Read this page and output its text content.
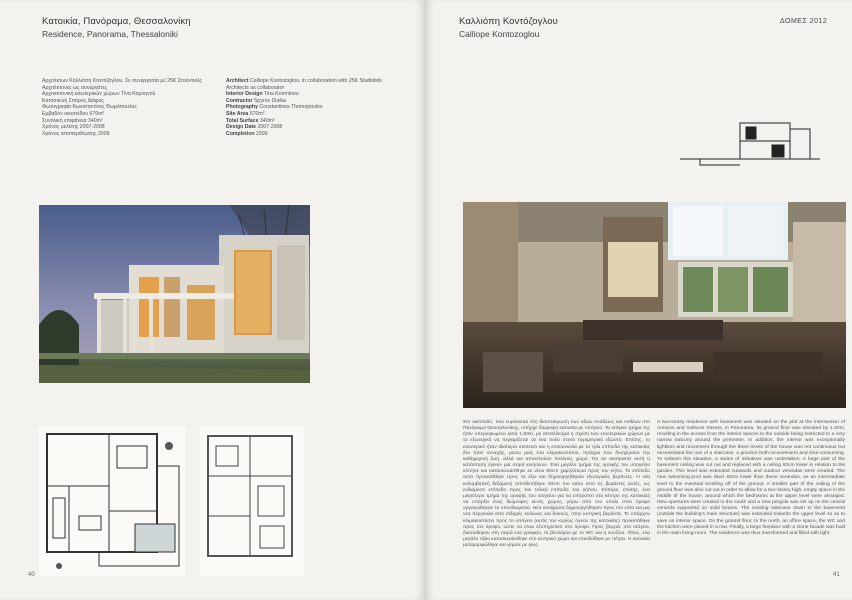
Κατοικία, Πανόραμα, Θεσσαλονίκη
Residence, Panorama, Thessaloniki
Αρχιτέκτων Καλλιόπη Κοντόζογλου. Σε συνεργασία με 25K Στούντιολς
Αρχιτέκτονες ως συνεργάτες
Αρχιτεκτονική εσωτερικών χώρων Τίνα Κομνηνού
Κατασκευή Σπύρος Διάφας
Φωτογραφία Κωνσταντίνος Θωμόπουλος
Εμβαδόν οικοπέδου 670m²
Συνολική επιφάνεια 340m²
Χρόνος μελέτης 2007-2008
Χρόνος αποπεράτωσης 2009
Architect Calliope Kontozoglou, in collaboration with 25K Studiolids
Architects as collaborator
Interior Design Tina Komninou
Contractor Spyros Diafas
Photography Constantinos Thomopoulos
Site Area 670m²
Total Surface 340m²
Design Date 2007-2008
Completion 2009
40
Καλλιόπη Κοντόζογλου
Calliope Kontozoglou
ΔΟΜΕΣ 2012
Στο οικόπεδο, που ευρίσκεται στη διασταύρωση των οδών Ανοίξεως και Ανθέων στο Πανόραμα Θεσσαλονίκης, υπήρχε διώροφη κατοικία με υπόγειο. Το ισόγειο τμήμα της ήταν υπερυψωμένο κατά 1,50m, με αποτέλεσμα η σχέση των εσωτερικών χώρων με το εξωτερικό να περιορίζεται σε ένα πολύ στενό περιμετρικό εξώστη. Επίσης, το εσωτερικό ήταν ιδιαίτερα σκοτεινό και η επικοινωνία με τα τρία επίπεδα της κατοικίας δεν ήταν συνεχής, μέσω μιας ένα κλιμακοστάσιο, πράγμα που δυσχέραινε την καθημερινή ζωή, αλλά και αποτελούσε πολλούς χώρο. Για να ανατραπεί αυτή η κατάσταση έγιναν μια σειρά κινήσεων. Ένα μεγάλο τμήμα της οροφής του υπογείου κόπηκε και κατασκευάσθηκε εκ νέου 60cm χαμηλότερα προς τον κήπο. Το επίπεδο αυτό προεκτάθηκε προς τα έξω και δημιουργήθηκαν εξωτερικές βεράντες. Η νέα κολυμβητική δεξαμενή τοποθετήθηκε 40cm πιο κάτω από τις βεράντες αυτές, ως ενδιάμεσο επίπεδο προς τον τελικό επίπεδο του κήπου. Κόπηκε, επίσης, ένα μικρότερο τμήμα της οροφής του ισογείου για να επιτραπεί στο κέντρο της κατοικίας να υπάρξει ένας διώροφος κενός χώρος, γύρω από τον οποίο στον όροφο οργανώθηκαν τα υπνοδωμάτια. Νέα ανοίγματα δημιουργήθηκαν προς τον νότο και μια νέα πέργκολα από σιδηρές κολώνες και δοκούς, στην κεντρική βεράντα. Το υπάρχον κλιμακοστάσιο προς το υπόγειο (εκτός του κυρίως όγκου της κατοικίας) προεκτάθηκε προς τον όροφο, ώστε να είναι εξυπηρετικό στο όροφο. Προς βορρά, στο ισόγειο, διασώθηκαν στη σειρά ένα γραφείο, το βεστιάριο με το WC και η κουζίνα. Τέλος, ένα μεγάλο τζάκι κατασκευάσθηκε στο κεντρικό χώρο και επενδύθηκε με πέτρα. Η κατοικία μεταμορφώθηκε και γέμισε με φως.
A two-storey residence with basement was situated on the plot at the intersection of Anixeos and Antheon Streets, in Panorama. Its ground floor was elevated by 1.50m, resulting in the access from the interior spaces to the outside being restricted to a very narrow balcony around the perimeter. In addition, the interior was exceptionally lightless and movement through the three levels of the house was not continuous but necessitated the use of a staircase, a practice both inconvenient and time-consuming. To redeem this situation, a series of initiatives was undertaken. A large part of the basement ceiling was cut out and replaced with a ceiling 60cm lower in relation to the garden. This level was extended outwards and outdoor verandas were created. The new swimming-pool was sited 40cm lower than these verandas, as an intermediate level to the eventual levelling off of the ground. A smaller part of the ceiling of the ground floor was also cut out in order to allow for a two-storey high, empty space in the middle of the house, around which the bedrooms at the upper level were arranged. New apertures were created to the south and a new pergola was set up on the central veranda supported on solid beams. The existing staircase down to the basement (outside the building's main structure) was extended towards the upper level so as to save on interior space. On the ground floor, to the north, an office space, the WC and the kitchen were placed in a row. Finally, a large fireplace with a stone facade was built in the main living-room. The residence was thus transformed and filled with light.
41
